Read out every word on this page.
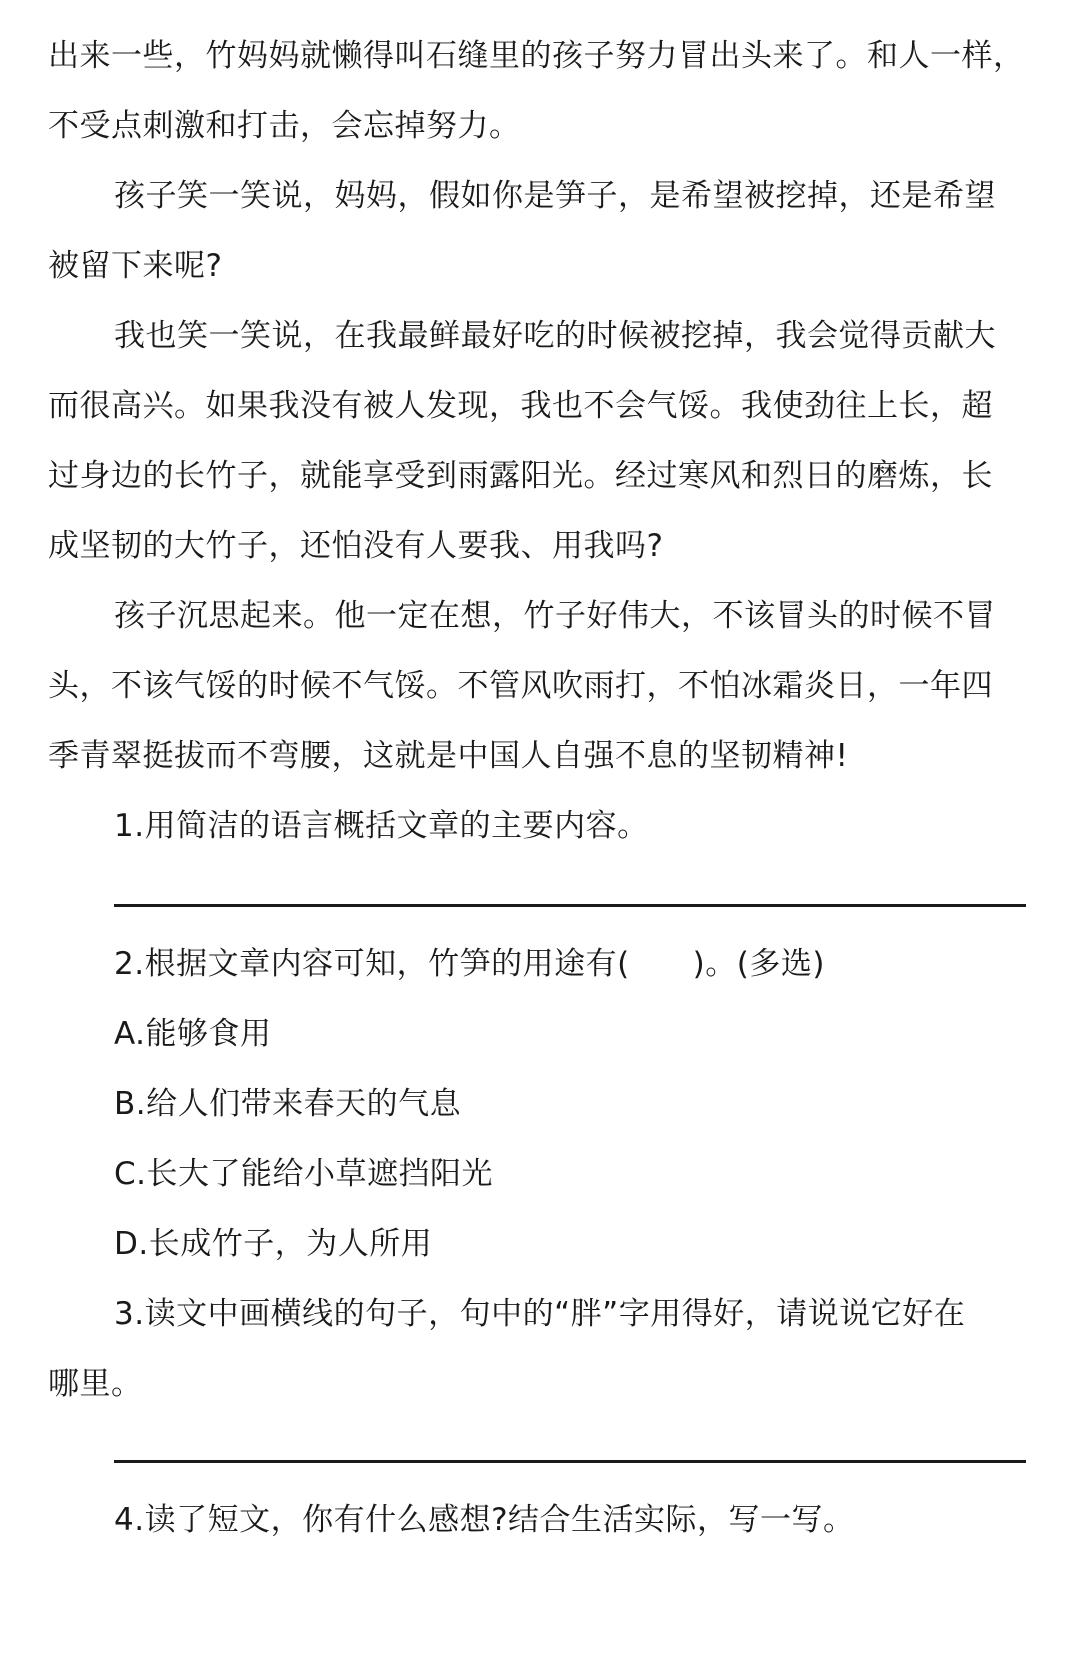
出来一些，竹妈妈就懒得叫石缝里的孩子努力冒出头来了。和人一样，
不受点刺激和打击，会忘掉努力。
孩子笑一笑说，妈妈，假如你是笋子，是希望被挖掉，还是希望
被留下来呢?
我也笑一笑说，在我最鲜最好吃的时候被挖掉，我会觉得贡献大
而很高兴。如果我没有被人发现，我也不会气馁。我使劲往上长，超
过身边的长竹子，就能享受到雨露阳光。经过寒风和烈日的磨炼，长
成坚韧的大竹子，还怕没有人要我、用我吗?
孩子沉思起来。他一定在想，竹子好伟大，不该冒头的时候不冒
头，不该气馁的时候不气馁。不管风吹雨打，不怕冰霜炎日，一年四
季青翠挺拔而不弯腰，这就是中国人自强不息的坚韧精神!
1.用简洁的语言概括文章的主要内容。
2.根据文章内容可知，竹笋的用途有(　　)。(多选)
A.能够食用
B.给人们带来春天的气息
C.长大了能给小草遮挡阳光
D.长成竹子，为人所用
3.读文中画横线的句子，句中的“胖”字用得好，请说说它好在
哪里。
4.读了短文，你有什么感想?结合生活实际，写一写。
